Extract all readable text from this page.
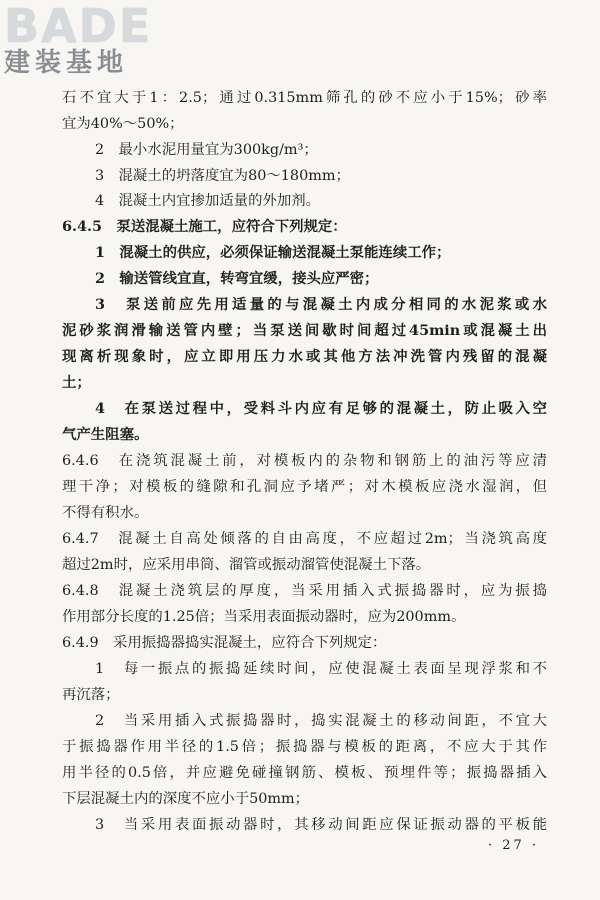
BADE
建装基地
石不宜大于1：2.5；通过0.315mm筛孔的砂不应小于15%；砂率
宜为40%～50%；
2　最小水泥用量宜为300kg/m³；
3　混凝土的坍落度宜为80～180mm；
4　混凝土内宜掺加适量的外加剂。
6.4.5　泵送混凝土施工，应符合下列规定：
1　混凝土的供应，必须保证输送混凝土泵能连续工作；
2　输送管线宜直，转弯宜缓，接头应严密；
3　泵送前应先用适量的与混凝土内成分相同的水泥浆或水
泥砂浆润滑输送管内壁；当泵送间歇时间超过45min或混凝土出
现离析现象时，应立即用压力水或其他方法冲洗管内残留的混凝
土；
4　在泵送过程中，受料斗内应有足够的混凝土，防止吸入空
气产生阻塞。
6.4.6　在浇筑混凝土前，对模板内的杂物和钢筋上的油污等应清
理干净；对模板的缝隙和孔洞应予堵严；对木模板应浇水湿润，但
不得有积水。
6.4.7　混凝土自高处倾落的自由高度，不应超过2m；当浇筑高度
超过2m时，应采用串筒、溜管或振动溜管使混凝土下落。
6.4.8　混凝土浇筑层的厚度，当采用插入式振捣器时，应为振捣
作用部分长度的1.25倍；当采用表面振动器时，应为200mm。
6.4.9　采用振捣器捣实混凝土，应符合下列规定：
1　每一振点的振捣延续时间，应使混凝土表面呈现浮浆和不
再沉落；
2　当采用插入式振捣器时，捣实混凝土的移动间距，不宜大
于振捣器作用半径的1.5倍；振捣器与模板的距离，不应大于其作
用半径的0.5倍，并应避免碰撞钢筋、模板、预埋件等；振捣器插入
下层混凝土内的深度不应小于50mm；
3　当采用表面振动器时，其移动间距应保证振动器的平板能
· 27 ·
